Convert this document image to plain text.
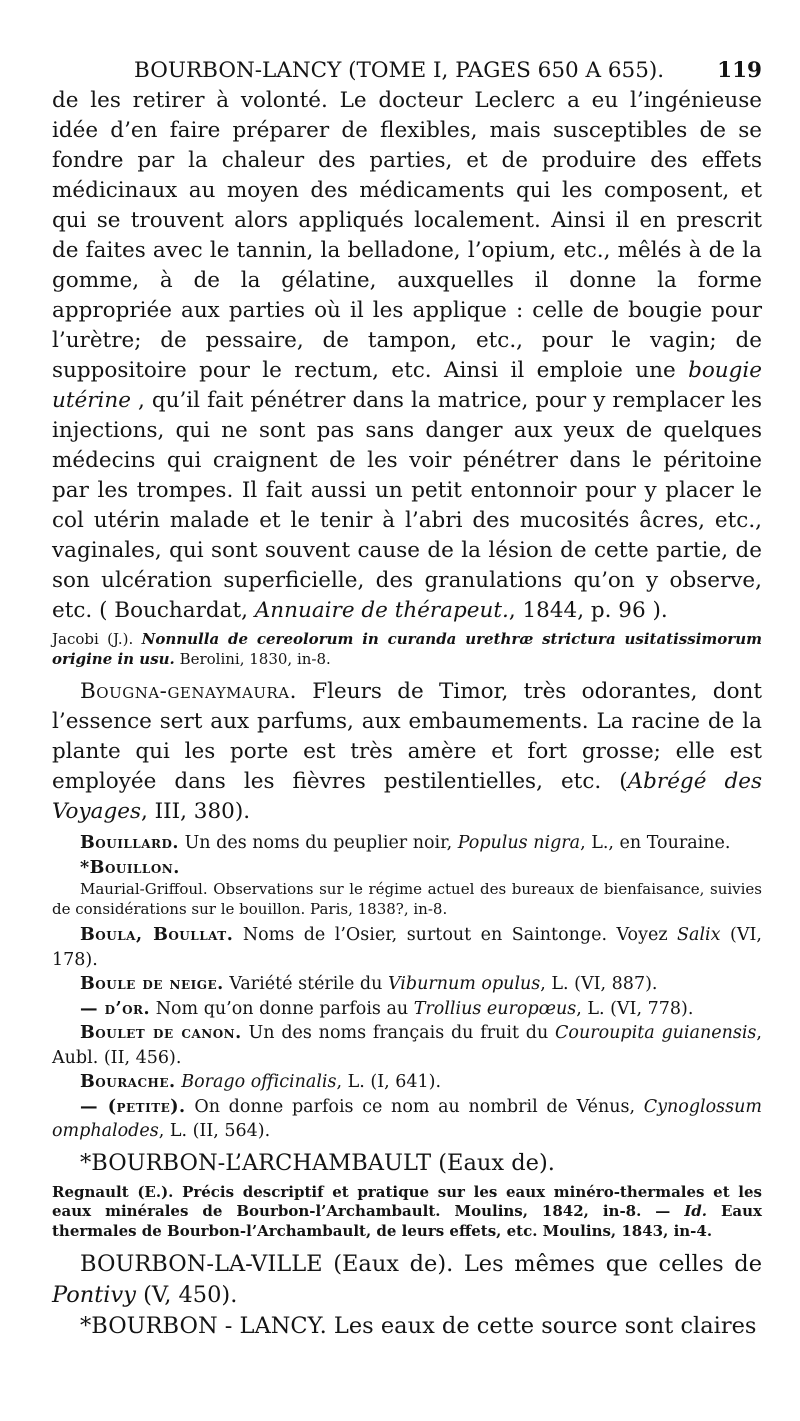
BOURBON-LANCY (TOME I, PAGES 650 A 655). 119

de les retirer à volonté. Le docteur Leclerc a eu l’ingénieuse idée d’en faire préparer de flexibles, mais susceptibles de se fondre par la chaleur des parties, et de produire des effets médicinaux au moyen des médicaments qui les composent, et qui se trouvent alors appliqués localement. Ainsi il en prescrit de faites avec le tannin, la belladone, l’opium, etc., mêlés à de la gomme, à de la gélatine, auxquelles il donne la forme appropriée aux parties où il les applique : celle de bougie pour l’urètre; de pessaire, de tampon, etc., pour le vagin; de suppositoire pour le rectum, etc. Ainsi il emploie une bougie utérine , qu’il fait pénétrer dans la matrice, pour y remplacer les injections, qui ne sont pas sans danger aux yeux de quelques médecins qui craignent de les voir pénétrer dans le péritoine par les trompes. Il fait aussi un petit entonnoir pour y placer le col utérin malade et le tenir à l’abri des mucosités âcres, etc., vaginales, qui sont souvent cause de la lésion de cette partie, de son ulcération superficielle, des granulations qu’on y observe, etc. ( Bouchardat, Annuaire de thérapeut., 1844, p. 96 ).

Jacobi (J.). Nonnulla de cereolorum in curanda urethræ strictura usitatissimorum origine in usu. Berolini, 1830, in-8.

Bougna-genaymaura. Fleurs de Timor, très odorantes, dont l’essence sert aux parfums, aux embaumements. La racine de la plante qui les porte est très amère et fort grosse; elle est employée dans les fièvres pestilentielles, etc. (Abrégé des Voyages, III, 380).

Bouillard. Un des noms du peuplier noir, Populus nigra, L., en Touraine.

*Bouillon.

Maurial-Griffoul. Observations sur le régime actuel des bureaux de bienfaisance, suivies de considérations sur le bouillon. Paris, 1838?, in-8.

Boula, Boullat. Noms de l’Osier, surtout en Saintonge. Voyez Salix (VI, 178).

Boule de neige. Variété stérile du Viburnum opulus, L. (VI, 887).

— d’or. Nom qu’on donne parfois au Trollius europœus, L. (VI, 778).

Boulet de canon. Un des noms français du fruit du Couroupita guianensis, Aubl. (II, 456).

Bourache. Borago officinalis, L. (I, 641).

— (petite). On donne parfois ce nom au nombril de Vénus, Cynoglossum omphalodes, L. (II, 564).

*BOURBON-L’ARCHAMBAULT (Eaux de).

Regnault (E.). Précis descriptif et pratique sur les eaux minéro-thermales et les eaux minérales de Bourbon-l’Archambault. Moulins, 1842, in-8. — Id. Eaux thermales de Bourbon-l’Archambault, de leurs effets, etc. Moulins, 1843, in-4.

BOURBON-LA-VILLE (Eaux de). Les mêmes que celles de Pontivy (V, 450).

*BOURBON - LANCY. Les eaux de cette source sont claires
